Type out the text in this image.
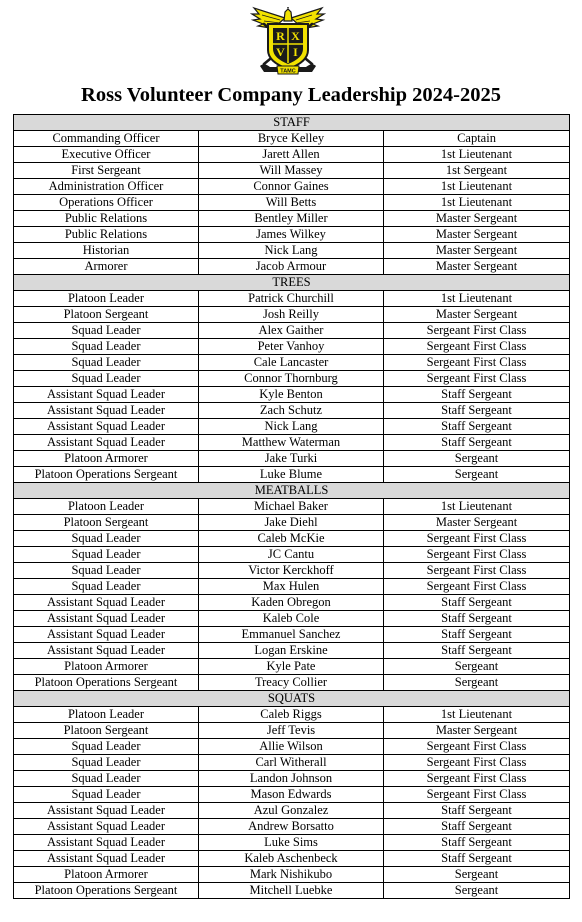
R X
V I
TAMC
Ross Volunteer Company Leadership 2024-2025
STAFF		
Commanding Officer	Bryce Kelley	Captain
Executive Officer	Jarett Allen	1st Lieutenant
First Sergeant	Will Massey	1st Sergeant
Administration Officer	Connor Gaines	1st Lieutenant
Operations Officer	Will Betts	1st Lieutenant
Public Relations	Bentley Miller	Master Sergeant
Public Relations	James Wilkey	Master Sergeant
Historian	Nick Lang	Master Sergeant
Armorer	Jacob Armour	Master Sergeant
TREES		
Platoon Leader	Patrick Churchill	1st Lieutenant
Platoon Sergeant	Josh Reilly	Master Sergeant
Squad Leader	Alex Gaither	Sergeant First Class
Squad Leader	Peter Vanhoy	Sergeant First Class
Squad Leader	Cale Lancaster	Sergeant First Class
Squad Leader	Connor Thornburg	Sergeant First Class
Assistant Squad Leader	Kyle Benton	Staff Sergeant
Assistant Squad Leader	Zach Schutz	Staff Sergeant
Assistant Squad Leader	Nick Lang	Staff Sergeant
Assistant Squad Leader	Matthew Waterman	Staff Sergeant
Platoon Armorer	Jake Turki	Sergeant
Platoon Operations Sergeant	Luke Blume	Sergeant
MEATBALLS		
Platoon Leader	Michael Baker	1st Lieutenant
Platoon Sergeant	Jake Diehl	Master Sergeant
Squad Leader	Caleb McKie	Sergeant First Class
Squad Leader	JC Cantu	Sergeant First Class
Squad Leader	Victor Kerckhoff	Sergeant First Class
Squad Leader	Max Hulen	Sergeant First Class
Assistant Squad Leader	Kaden Obregon	Staff Sergeant
Assistant Squad Leader	Kaleb Cole	Staff Sergeant
Assistant Squad Leader	Emmanuel Sanchez	Staff Sergeant
Assistant Squad Leader	Logan Erskine	Staff Sergeant
Platoon Armorer	Kyle Pate	Sergeant
Platoon Operations Sergeant	Treacy Collier	Sergeant
SQUATS		
Platoon Leader	Caleb Riggs	1st Lieutenant
Platoon Sergeant	Jeff Tevis	Master Sergeant
Squad Leader	Allie Wilson	Sergeant First Class
Squad Leader	Carl Witherall	Sergeant First Class
Squad Leader	Landon Johnson	Sergeant First Class
Squad Leader	Mason Edwards	Sergeant First Class
Assistant Squad Leader	Azul Gonzalez	Staff Sergeant
Assistant Squad Leader	Andrew Borsatto	Staff Sergeant
Assistant Squad Leader	Luke Sims	Staff Sergeant
Assistant Squad Leader	Kaleb Aschenbeck	Staff Sergeant
Platoon Armorer	Mark Nishikubo	Sergeant
Platoon Operations Sergeant	Mitchell Luebke	Sergeant
